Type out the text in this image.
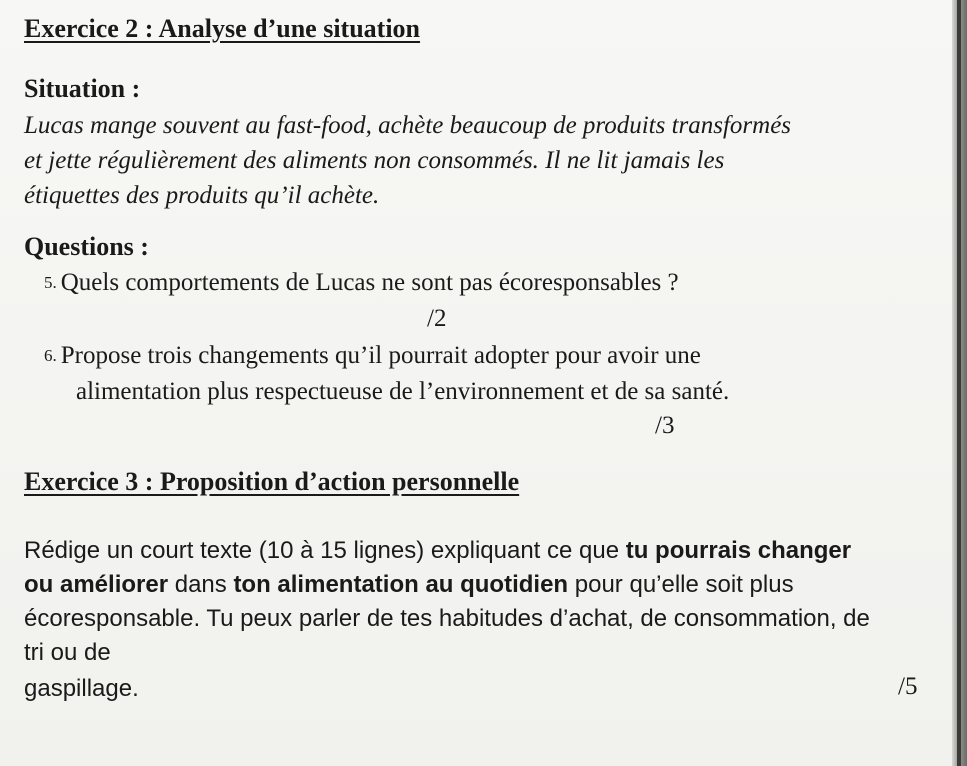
Exercice 2 : Analyse d’une situation
Situation :
Lucas mange souvent au fast-food, achète beaucoup de produits transformés
et jette régulièrement des aliments non consommés. Il ne lit jamais les
étiquettes des produits qu’il achète.
Questions :
5. Quels comportements de Lucas ne sont pas écoresponsables ?
/2
6. Propose trois changements qu’il pourrait adopter pour avoir une
alimentation plus respectueuse de l’environnement et de sa santé.
/3
Exercice 3 : Proposition d’action personnelle
Rédige un court texte (10 à 15 lignes) expliquant ce que tu pourrais changer
ou améliorer dans ton alimentation au quotidien pour qu’elle soit plus
écoresponsable. Tu peux parler de tes habitudes d’achat, de consommation, de
tri ou de
gaspillage.	/5
